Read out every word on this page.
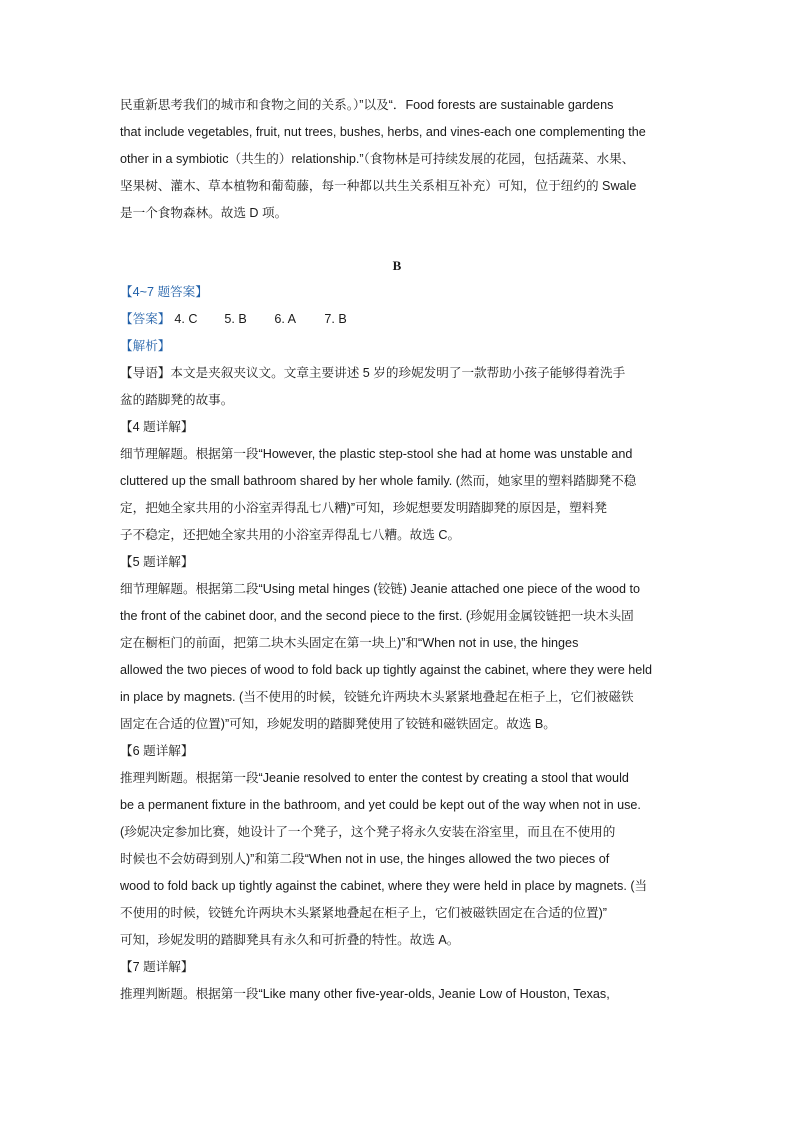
民重新思考我们的城市和食物之间的关系。）”以及“．Food forests are sustainable gardens
that include vegetables, fruit, nut trees, bushes, herbs, and vines-each one complementing the
other in a symbiotic（共生的）relationship.”（食物林是可持续发展的花园，包括蔬菜、水果、
坚果树、灌木、草本植物和葡萄藤，每一种都以共生关系相互补充）可知，位于纽约的 Swale
是一个食物森林。故选 D 项。
B
【4~7 题答案】
【答案】 4. C 5. B 6. A 7. B
【解析】
【导语】本文是夹叙夹议文。文章主要讲述 5 岁的珍妮发明了一款帮助小孩子能够得着洗手
盆的踏脚凳的故事。
【4 题详解】
细节理解题。根据第一段“However, the plastic step-stool she had at home was unstable and
cluttered up the small bathroom shared by her whole family. (然而，她家里的塑料踏脚凳不稳
定，把她全家共用的小浴室弄得乱七八糟)”可知，珍妮想要发明踏脚凳的原因是，塑料凳
子不稳定，还把她全家共用的小浴室弄得乱七八糟。故选 C。
【5 题详解】
细节理解题。根据第二段“Using metal hinges (铰链) Jeanie attached one piece of the wood to
the front of the cabinet door, and the second piece to the first. (珍妮用金属铰链把一块木头固
定在橱柜门的前面，把第二块木头固定在第一块上)”和“When not in use, the hinges
allowed the two pieces of wood to fold back up tightly against the cabinet, where they were held
in place by magnets. (当不使用的时候，铰链允许两块木头紧紧地叠起在柜子上，它们被磁铁
固定在合适的位置)”可知，珍妮发明的踏脚凳使用了铰链和磁铁固定。故选 B。
【6 题详解】
推理判断题。根据第一段“Jeanie resolved to enter the contest by creating a stool that would
be a permanent fixture in the bathroom, and yet could be kept out of the way when not in use.
(珍妮决定参加比赛，她设计了一个凳子，这个凳子将永久安装在浴室里，而且在不使用的
时候也不会妨碍到别人)”和第二段“When not in use, the hinges allowed the two pieces of
wood to fold back up tightly against the cabinet, where they were held in place by magnets. (当
不使用的时候，铰链允许两块木头紧紧地叠起在柜子上，它们被磁铁固定在合适的位置)”
可知，珍妮发明的踏脚凳具有永久和可折叠的特性。故选 A。
【7 题详解】
推理判断题。根据第一段“Like many other five-year-olds, Jeanie Low of Houston, Texas,
